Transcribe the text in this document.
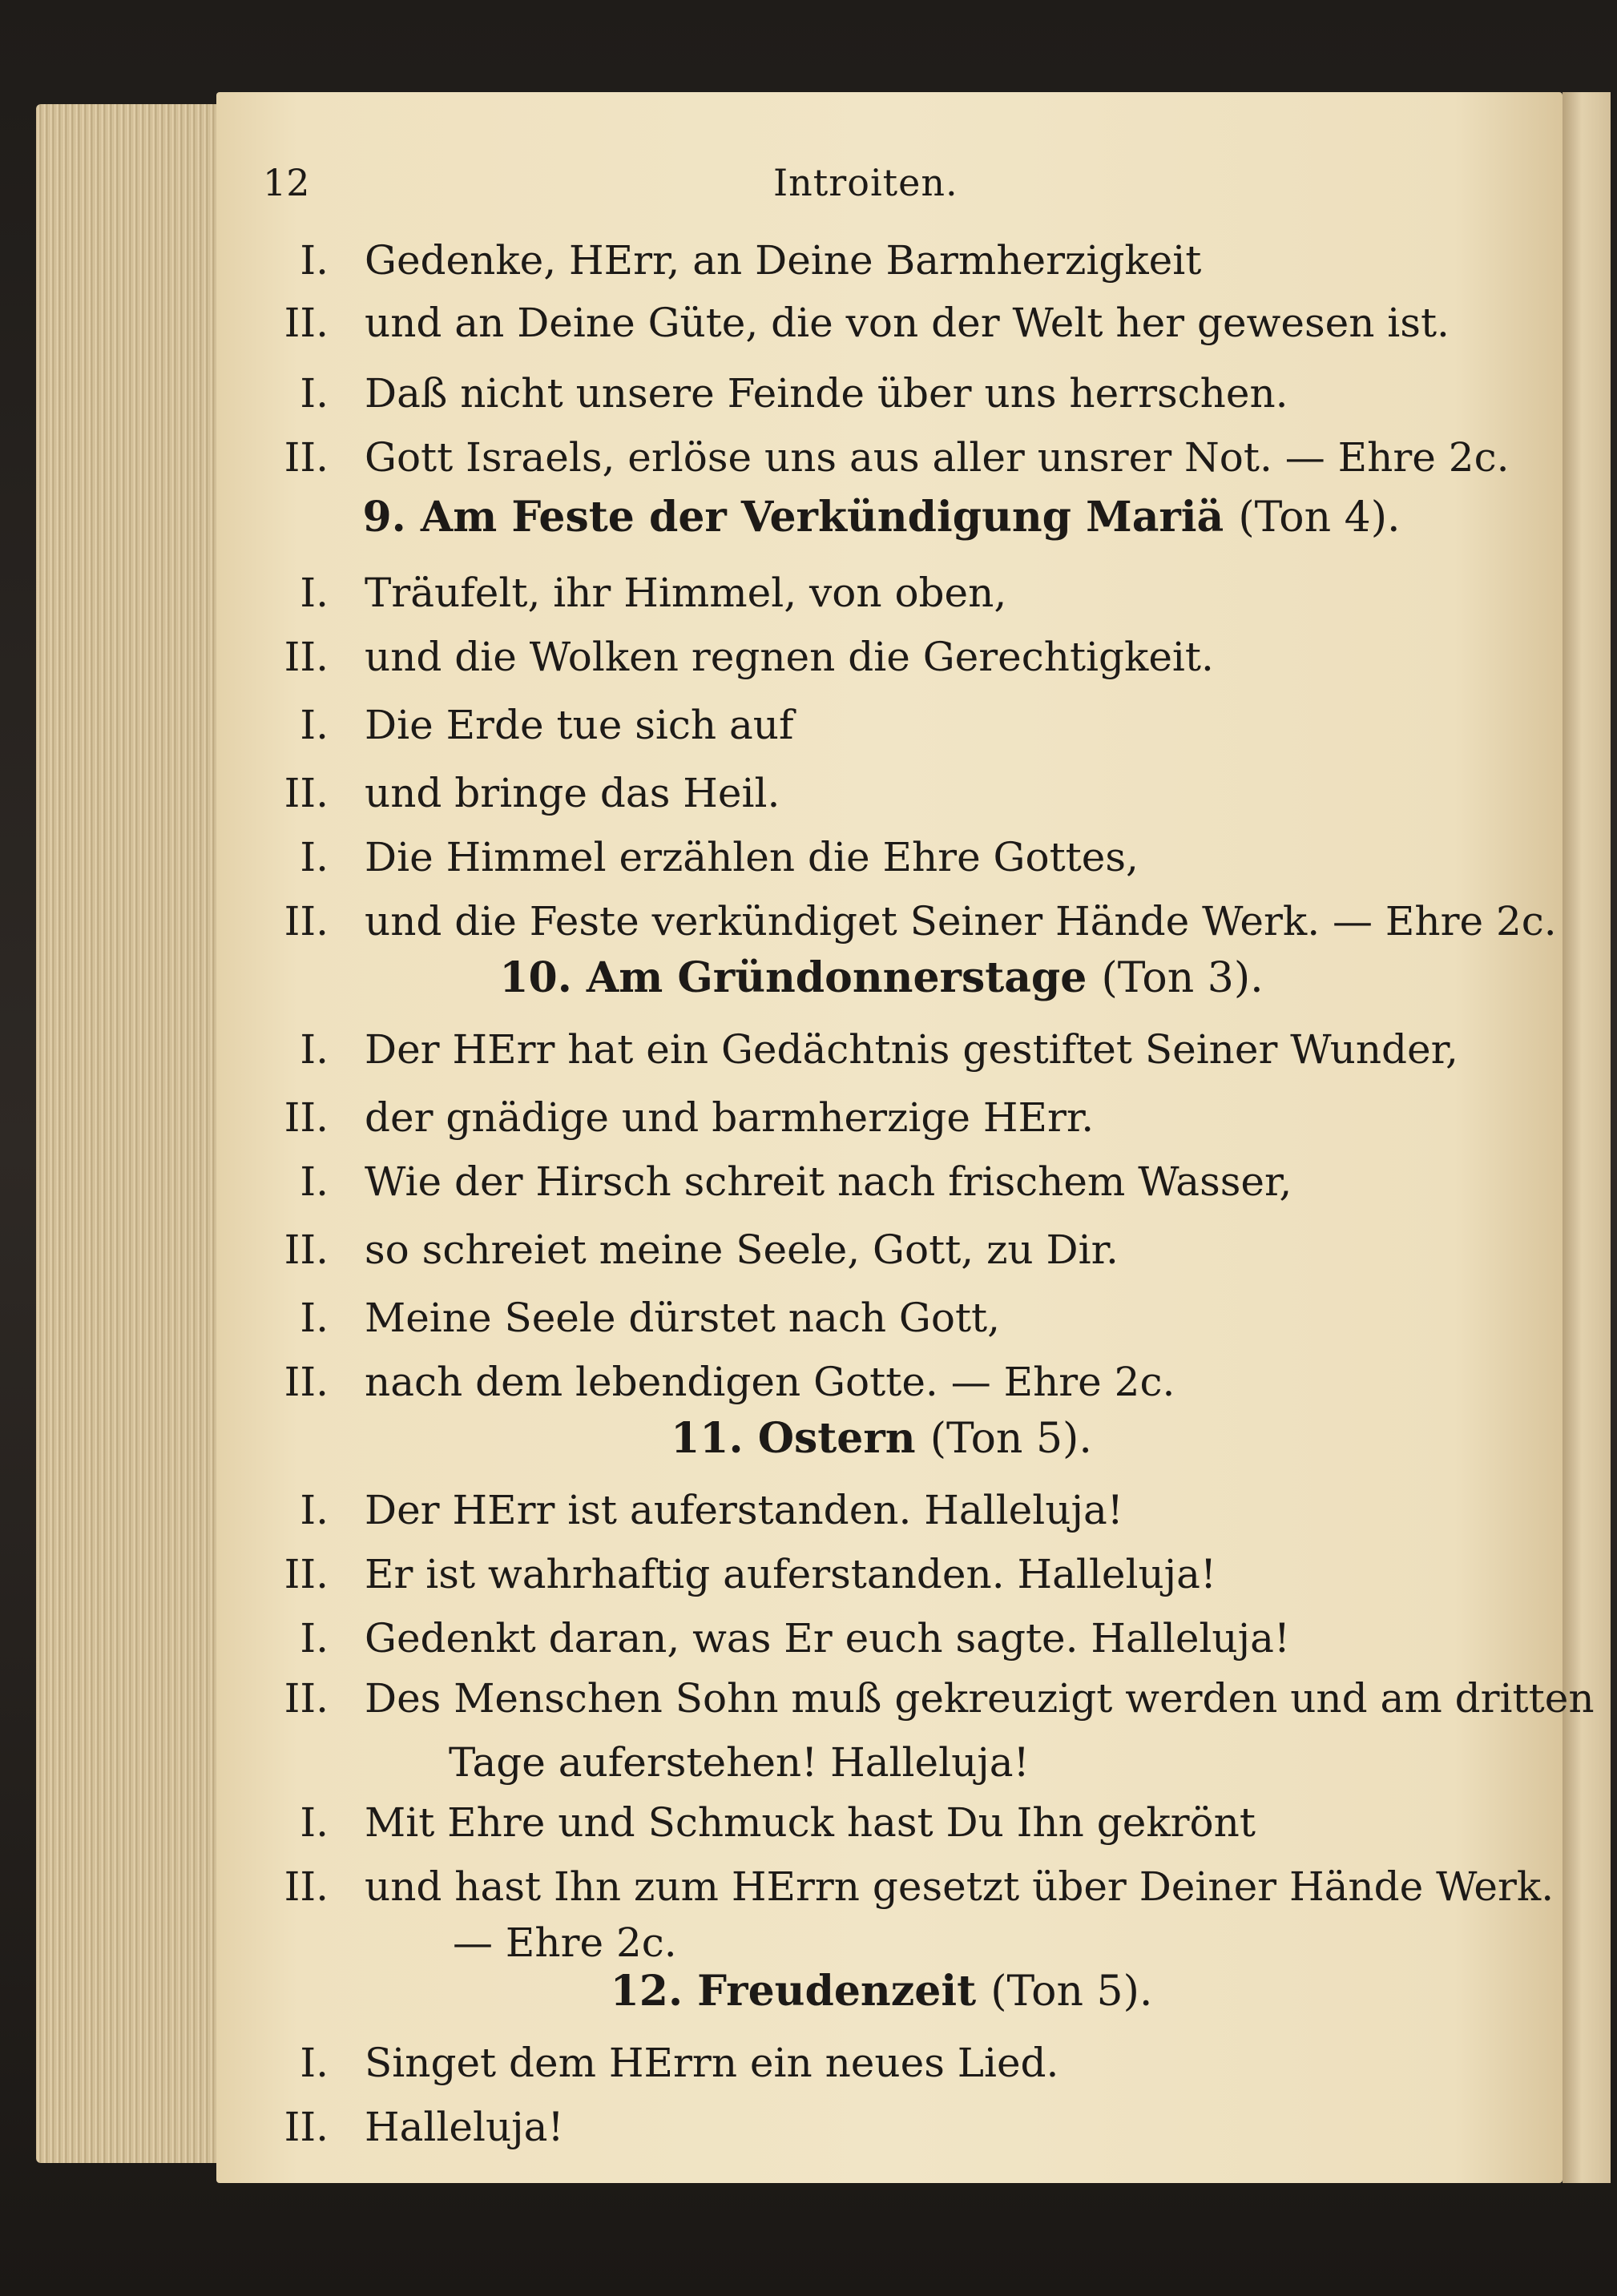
12	Introiten.
I. Gedenke, HErr, an Deine Barmherzigkeit
II. und an Deine Güte, die von der Welt her gewesen ist.
I. Daß nicht unsere Feinde über uns herrschen.
II. Gott Israels, erlöse uns aus aller unsrer Not. — Ehre 2c.
9. Am Feste der Verkündigung Mariä (Ton 4).
I. Träufelt, ihr Himmel, von oben,
II. und die Wolken regnen die Gerechtigkeit.
I. Die Erde tue sich auf
II. und bringe das Heil.
I. Die Himmel erzählen die Ehre Gottes,
II. und die Feste verkündiget Seiner Hände Werk. — Ehre 2c.
10. Am Gründonnerstage (Ton 3).
I. Der HErr hat ein Gedächtnis gestiftet Seiner Wunder,
II. der gnädige und barmherzige HErr.
I. Wie der Hirsch schreit nach frischem Wasser,
II. so schreiet meine Seele, Gott, zu Dir.
I. Meine Seele dürstet nach Gott,
II. nach dem lebendigen Gotte. — Ehre 2c.
11. Ostern (Ton 5).
I. Der HErr ist auferstanden. Halleluja!
II. Er ist wahrhaftig auferstanden. Halleluja!
I. Gedenkt daran, was Er euch sagte. Halleluja!
II. Des Menschen Sohn muß gekreuzigt werden und am dritten
Tage auferstehen! Halleluja!
I. Mit Ehre und Schmuck hast Du Ihn gekrönt
II. und hast Ihn zum HErrn gesetzt über Deiner Hände Werk.
— Ehre 2c.
12. Freudenzeit (Ton 5).
I. Singet dem HErrn ein neues Lied.
II. Halleluja!
